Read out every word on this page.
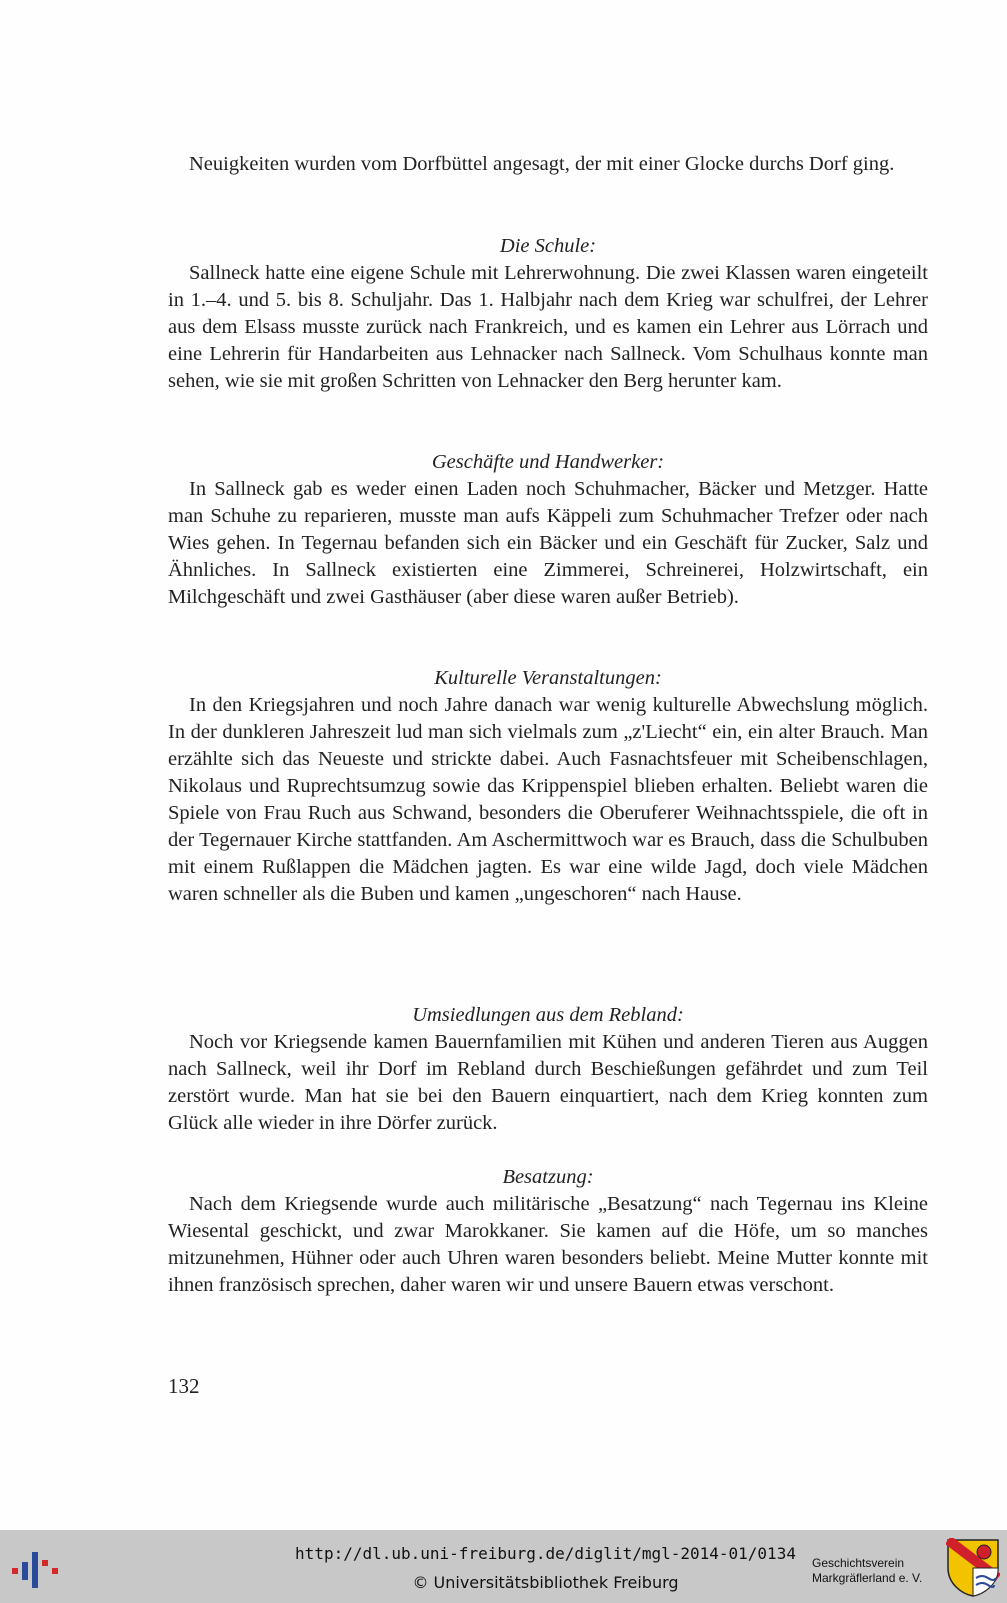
Neuigkeiten wurden vom Dorfbüttel angesagt, der mit einer Glocke durchs Dorf ging.

Die Schule:

Sallneck hatte eine eigene Schule mit Lehrerwohnung. Die zwei Klassen waren eingeteilt in 1.–4. und 5. bis 8. Schuljahr. Das 1. Halbjahr nach dem Krieg war schulfrei, der Lehrer aus dem Elsass musste zurück nach Frankreich, und es kamen ein Lehrer aus Lörrach und eine Lehrerin für Handarbeiten aus Lehnacker nach Sallneck. Vom Schulhaus konnte man sehen, wie sie mit großen Schritten von Lehnacker den Berg herunter kam.

Geschäfte und Handwerker:

In Sallneck gab es weder einen Laden noch Schuhmacher, Bäcker und Metzger. Hatte man Schuhe zu reparieren, musste man aufs Käppeli zum Schuhmacher Trefzer oder nach Wies gehen. In Tegernau befanden sich ein Bäcker und ein Geschäft für Zucker, Salz und Ähnliches. In Sallneck existierten eine Zimmerei, Schreinerei, Holzwirtschaft, ein Milchgeschäft und zwei Gasthäuser (aber diese waren außer Betrieb).

Kulturelle Veranstaltungen:

In den Kriegsjahren und noch Jahre danach war wenig kulturelle Abwechslung möglich. In der dunkleren Jahreszeit lud man sich vielmals zum „z'Liecht“ ein, ein alter Brauch. Man erzählte sich das Neueste und strickte dabei. Auch Fasnachtsfeuer mit Scheibenschlagen, Nikolaus und Ruprechtsumzug sowie das Krippenspiel blieben erhalten. Beliebt waren die Spiele von Frau Ruch aus Schwand, besonders die Oberuferer Weihnachtsspiele, die oft in der Tegernauer Kirche stattfanden. Am Aschermittwoch war es Brauch, dass die Schulbuben mit einem Rußlappen die Mädchen jagten. Es war eine wilde Jagd, doch viele Mädchen waren schneller als die Buben und kamen „ungeschoren“ nach Hause.

Umsiedlungen aus dem Rebland:

Noch vor Kriegsende kamen Bauernfamilien mit Kühen und anderen Tieren aus Auggen nach Sallneck, weil ihr Dorf im Rebland durch Beschießungen gefährdet und zum Teil zerstört wurde. Man hat sie bei den Bauern einquartiert, nach dem Krieg konnten zum Glück alle wieder in ihre Dörfer zurück.

Besatzung:

Nach dem Kriegsende wurde auch militärische „Besatzung“ nach Tegernau ins Kleine Wiesental geschickt, und zwar Marokkaner. Sie kamen auf die Höfe, um so manches mitzunehmen, Hühner oder auch Uhren waren besonders beliebt. Meine Mutter konnte mit ihnen französisch sprechen, daher waren wir und unsere Bauern etwas verschont.

132
http://dl.ub.uni-freiburg.de/diglit/mgl-2014-01/0134
© Universitätsbibliothek Freiburg
Geschichtsverein
Markgräflerland e. V.
